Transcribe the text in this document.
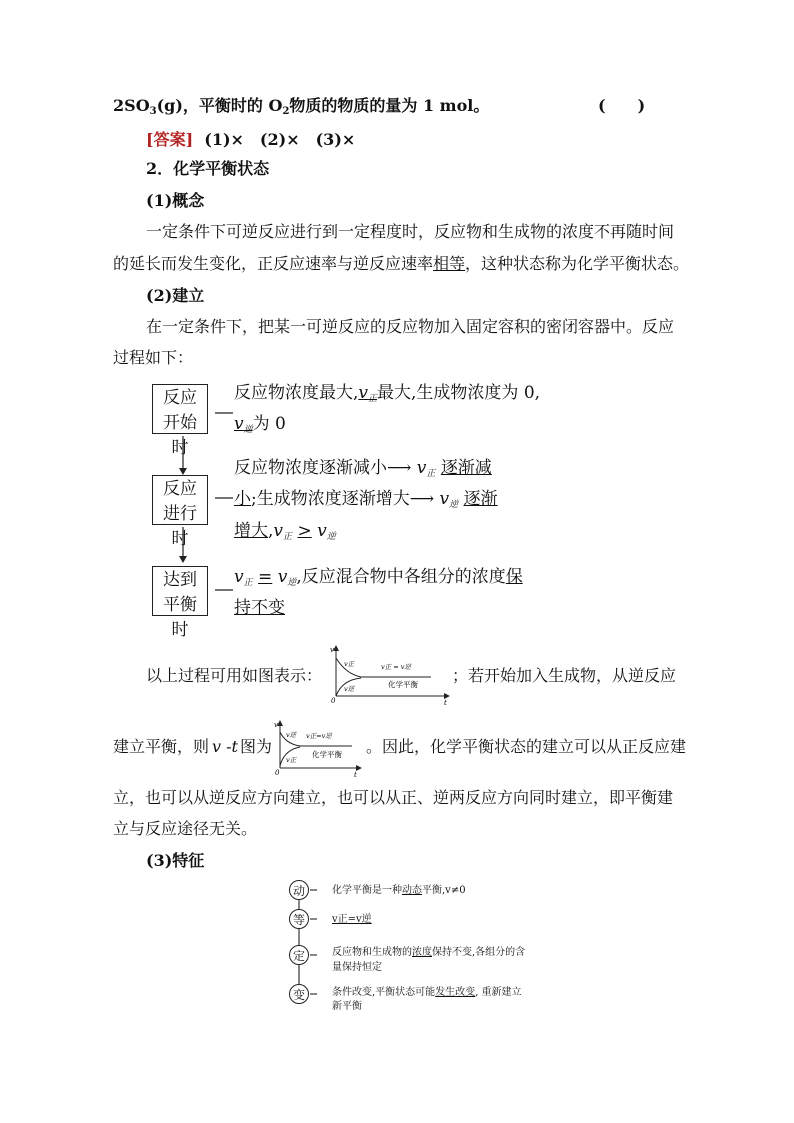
2SO3(g)，平衡时的 O2物质的物质的量为 1 mol。	(　　)
[答案] (1)×　(2)×　(3)×
2．化学平衡状态
(1)概念
一定条件下可逆反应进行到一定程度时，反应物和生成物的浓度不再随时间
的延长而发生变化，正反应速率与逆反应速率相等，这种状态称为化学平衡状态。
(2)建立
在一定条件下，把某一可逆反应的反应物加入固定容积的密闭容器中。反应
过程如下：
反应
开始时
反应物浓度最大$,v_正$最大,生成物浓度为 0,
$v_逆$为 0
反应
进行时
反应物浓度逐渐减小⟶ $v_正$ 逐渐减
小;生成物浓度逐渐增大⟶ $v_逆$ 逐渐
增大$,v_正 > v_逆$
达到
平衡时
$v_正 = v_逆$,反应混合物中各组分的浓度保
持不变
以上过程可用如图表示：	；若开始加入生成物，从逆反应
v
t
0
v正
v逆
v正 = v逆
化学平衡
建立平衡，则 v -t 图为
v
t
0
v逆
v正
v正=v逆
化学平衡 。因此，化学平衡状态的建立可以从正反应建
立，也可以从逆反应方向建立，也可以从正、逆两反应方向同时建立，即平衡建
立与反应途径无关。
(3)特征
动	化学平衡是一种动态平衡,v≠0
等	v正=v逆
定	反应物和生成物的浓度保持不变,各组分的含
量保持恒定
变	条件改变,平衡状态可能发生改变, 重新建立
新平衡
